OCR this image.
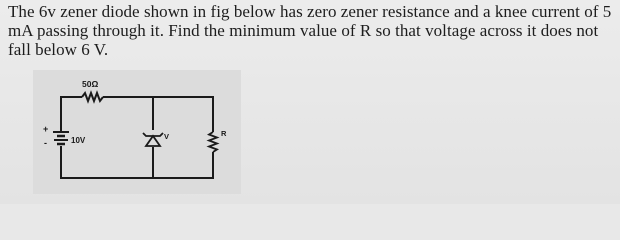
The 6v zener diode shown in fig below has zero zener resistance and a knee current of 5 mA passing through it. Find the minimum value of R so that voltage across it does not fall below 6 V.

50Ω
10V
+
-
V	R
